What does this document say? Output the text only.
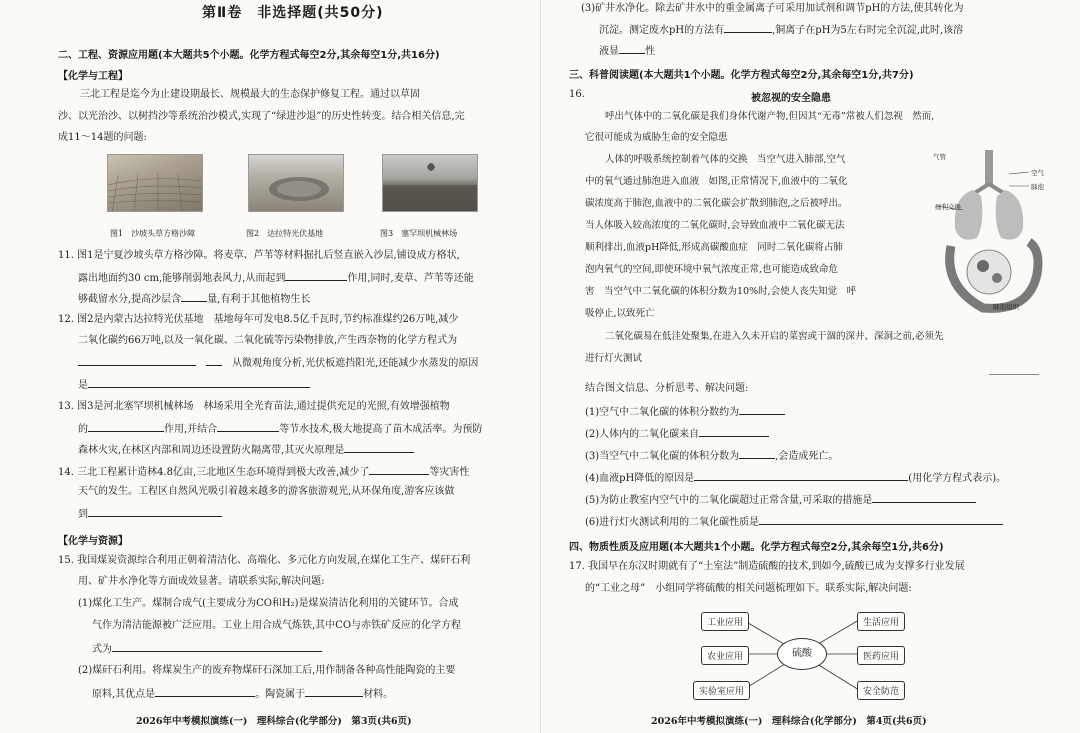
第Ⅱ卷　非选择题(共50分)
二、工程、资源应用题(本大题共5个小题。化学方程式每空2分,其余每空1分,共16分)
【化学与工程】
三北工程是迄今为止建设期最长、规模最大的生态保护修复工程。通过以草固
沙、以光治沙、以树挡沙等系统治沙模式,实现了“绿进沙退”的历史性转变。结合相关信息,完
成11～14题的问题:
图1　沙坡头草方格沙障	图2　达拉特光伏基地	图3　塞罕坝机械林场
11. 图1是宁夏沙坡头草方格沙障。将麦草、芦苇等材料掘扎后竖直嵌入沙层,铺设成方格状,
露出地面约30 cm,能够削弱地表风力,从而起到	作用,同时,麦草、芦苇等还能
够截留水分,提高沙层含	量,有利于其他植物生长
12. 图2是内蒙古达拉特光伏基地　基地每年可发电8.5亿千瓦时,节约标准煤约26万吨,减少
二氧化碳约66万吨,以及一氧化碳、二氧化硫等污染物排放,产生西奈物的化学方程式为
　　从微观角度分析,光伏板遮挡阳光,还能减少水蒸发的原因
是
13. 图3是河北塞罕坝机械林场　林场采用全光育苗法,通过提供充足的光照,有效增强植物
的	作用,并结合	等节水技术,极大地提高了苗木成活率。为预防
森林火灾,在林区内部和周边还设置防火隔离带,其灭火原理是
14. 三北工程累计造林4.8亿亩,三北地区生态环境得到极大改善,减少了	等灾害性
天气的发生。工程区自然风光吸引着越来越多的游客旅游观光,从环保角度,游客应该做
到
【化学与资源】
15. 我国煤炭资源综合利用正朝着清洁化、高端化、多元化方向发展,在煤化工生产、煤矸石利
用、矿井水净化等方面成效显著。请联系实际,解决问题:
(1)煤化工生产。煤制合成气(主要成分为CO和H₂)是煤炭清洁化利用的关键环节。合成
气作为清洁能源被广泛应用。工业上用合成气炼铁,其中CO与赤铁矿反应的化学方程
式为
(2)煤矸石利用。将煤炭生产的废弃物煤矸石深加工后,用作制备各种高性能陶瓷的主要
原料,其优点是	。陶瓷属于	材料。
2026年中考模拟演练(一)　理科综合(化学部分)　第3页(共6页)
(3)矿井水净化。除去矿井水中的重金属离子可采用加试剂和调节pH的方法,使其转化为
沉淀。测定废水pH的方法有	,铜离子在pH为5左右时完全沉淀,此时,该溶
液显	性
三、科普阅读题(本大题共1个小题。化学方程式每空2分,其余每空1分,共7分)
16.	被忽视的安全隐患
呼出气体中的二氧化碳是我们身体代谢产物,但因其“无毒”常被人们忽视　然而,
它很可能成为威胁生命的安全隐患
人体的呼吸系统控制着气体的交换　当空气进入肺部,空气
中的氧气通过肺泡进入血液　如图,正常情况下,血液中的二氧化
碳浓度高于肺泡,血液中的二氧化碳会扩散到肺泡,之后被呼出。
当人体吸入较高浓度的二氧化碳时,会导致血液中二氧化碳无法
顺利排出,血液pH降低,形成高碳酸血症　同时二氧化碳将占肺
泡内氧气的空间,即使环境中氧气浓度正常,也可能造成致命危
害　当空气中二氧化碳的体积分数为10%时,会使人丧失知觉　呼
吸停止,以致死亡
二氧化碳易在低洼处聚集,在进入久未开启的菜窖或干涸的深井、深洞之前,必须先
进行灯火测试
气管
空气
肺泡
细利交换
肺泡组织
结合图文信息、分析思考、解决问题:
(1)空气中二氧化碳的体积分数约为
(2)人体内的二氧化碳来自
(3)当空气中二氧化碳的体积分数为	,会造成死亡。
(4)血液pH降低的原因是	(用化学方程式表示)。
(5)为防止教室内空气中的二氧化碳超过正常含量,可采取的措施是
(6)进行灯火测试利用的二氧化碳性质是
四、物质性质及应用题(本大题共1个小题。化学方程式每空2分,其余每空1分,共6分)
17. 我国早在东汉时期就有了“土室法”制造硫酸的技术,到如今,硫酸已成为支撑多行业发展
的“工业之母”　小组同学将硫酸的相关问题梳理如下。联系实际,解决问题:
硫酸
工业应用
农业应用
实验室应用
生活应用
医药应用
安全防范
2026年中考模拟演练(一)　理科综合(化学部分)　第4页(共6页)
